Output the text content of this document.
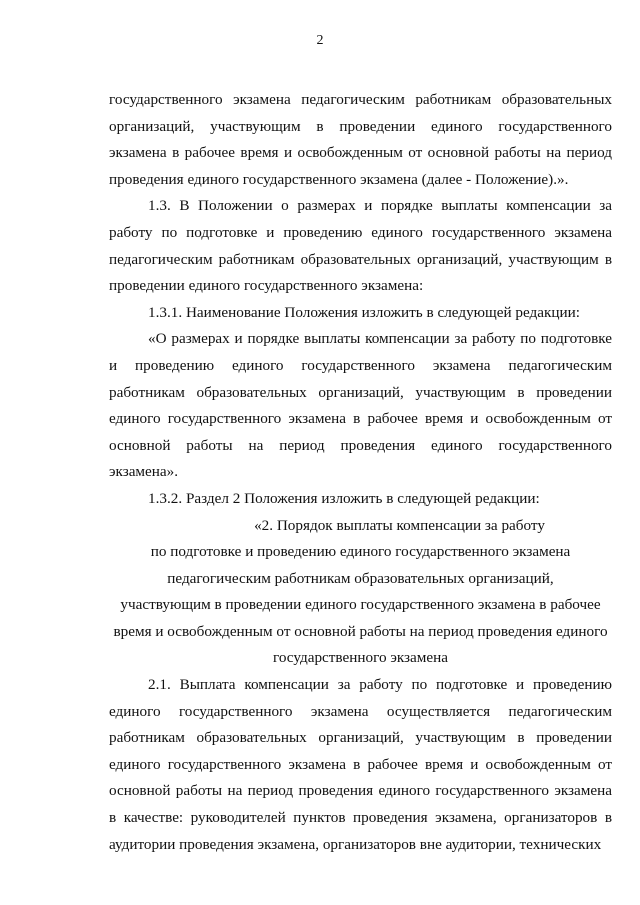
2

государственного экзамена педагогическим работникам образовательных организаций, участвующим в проведении единого государственного экзамена в рабочее время и освобожденным от основной работы на период проведения единого государственного экзамена (далее - Положение).».

1.3. В Положении о размерах и порядке выплаты компенсации за работу по подготовке и проведению единого государственного экзамена педагогическим работникам образовательных организаций, участвующим в проведении единого государственного экзамена:

1.3.1. Наименование Положения изложить в следующей редакции:

«О размерах и порядке выплаты компенсации за работу по подготовке и проведению единого государственного экзамена педагогическим работникам образовательных организаций, участвующим в проведении единого государственного экзамена в рабочее время и освобожденным от основной работы на период проведения единого государственного экзамена».

1.3.2. Раздел 2 Положения изложить в следующей редакции:

«2. Порядок выплаты компенсации за работу
по подготовке и проведению единого государственного экзамена
педагогическим работникам образовательных организаций,
участвующим в проведении единого государственного экзамена в рабочее
время и освобожденным от основной работы на период проведения единого
государственного экзамена

2.1. Выплата компенсации за работу по подготовке и проведению единого государственного экзамена осуществляется педагогическим работникам образовательных организаций, участвующим в проведении единого государственного экзамена в рабочее время и освобожденным от основной работы на период проведения единого государственного экзамена в качестве: руководителей пунктов проведения экзамена, организаторов в аудитории проведения экзамена, организаторов вне аудитории, технических
